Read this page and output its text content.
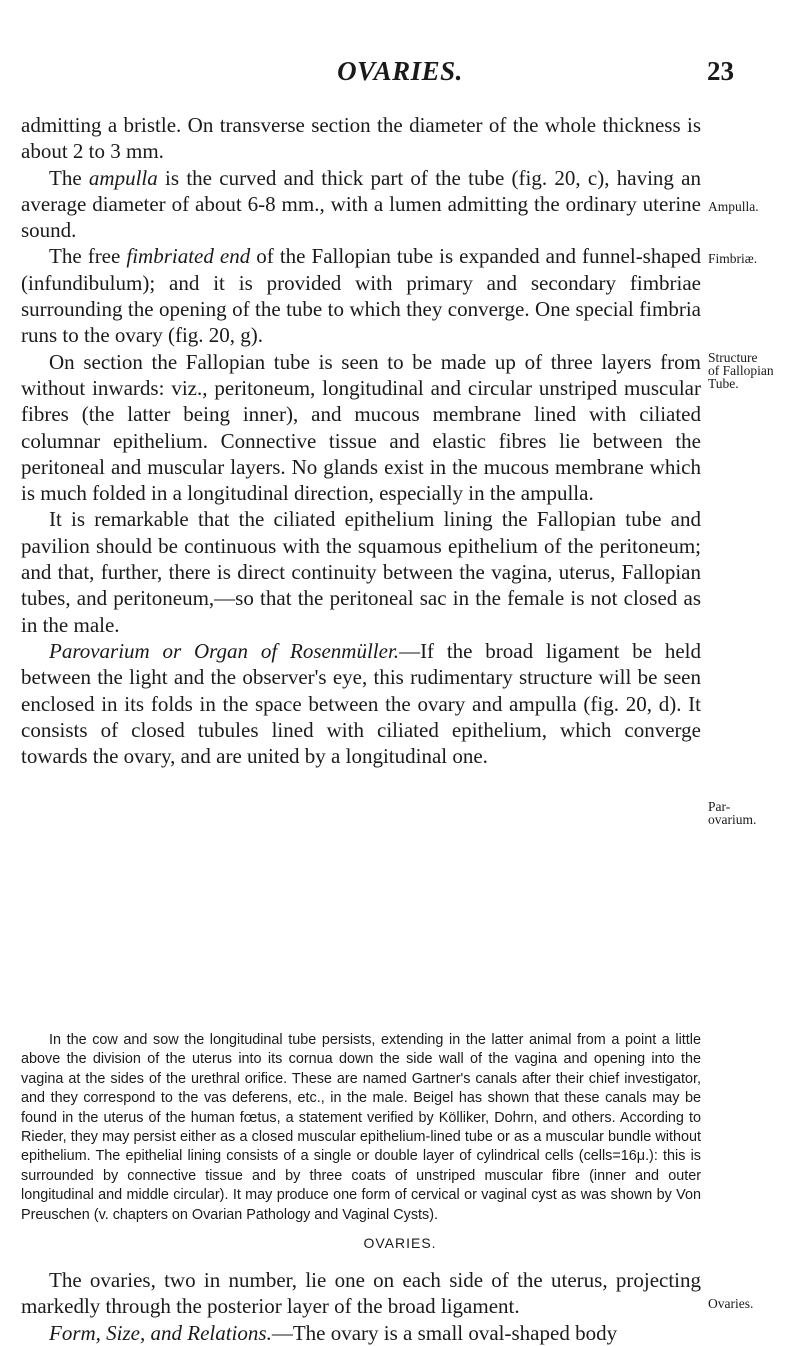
OVARIES.	23

admitting a bristle. On transverse section the diameter of the whole thickness is about 2 to 3 mm.

The ampulla is the curved and thick part of the tube (fig. 20, c), having an average diameter of about 6-8 mm., with a lumen admitting the ordinary uterine sound.

The free fimbriated end of the Fallopian tube is expanded and funnel-shaped (infundibulum); and it is provided with primary and secondary fimbriae surrounding the opening of the tube to which they converge. One special fimbria runs to the ovary (fig. 20, g).

On section the Fallopian tube is seen to be made up of three layers from without inwards: viz., peritoneum, longitudinal and circular unstriped muscular fibres (the latter being inner), and mucous membrane lined with ciliated columnar epithelium. Connective tissue and elastic fibres lie between the peritoneal and muscular layers. No glands exist in the mucous membrane which is much folded in a longitudinal direction, especially in the ampulla.

It is remarkable that the ciliated epithelium lining the Fallopian tube and pavilion should be continuous with the squamous epithelium of the peritoneum; and that, further, there is direct continuity between the vagina, uterus, Fallopian tubes, and peritoneum,—so that the peritoneal sac in the female is not closed as in the male.

Parovarium or Organ of Rosenmüller.—If the broad ligament be held between the light and the observer's eye, this rudimentary structure will be seen enclosed in its folds in the space between the ovary and ampulla (fig. 20, d). It consists of closed tubules lined with ciliated epithelium, which converge towards the ovary, and are united by a longitudinal one.

Ampulla.
Fimbriæ.
Structure
of Fallopian
Tube.
Par-
ovarium.

In the cow and sow the longitudinal tube persists, extending in the latter animal from a point a little above the division of the uterus into its cornua down the side wall of the vagina and opening into the vagina at the sides of the urethral orifice. These are named Gartner's canals after their chief investigator, and they correspond to the vas deferens, etc., in the male. Beigel has shown that these canals may be found in the uterus of the human fœtus, a statement verified by Kölliker, Dohrn, and others. According to Rieder, they may persist either as a closed muscular epithelium-lined tube or as a muscular bundle without epithelium. The epithelial lining consists of a single or double layer of cylindrical cells (cells=16μ.): this is surrounded by connective tissue and by three coats of unstriped muscular fibre (inner and outer longitudinal and middle circular). It may produce one form of cervical or vaginal cyst as was shown by Von Preuschen (v. chapters on Ovarian Pathology and Vaginal Cysts).

OVARIES.

The ovaries, two in number, lie one on each side of the uterus, projecting markedly through the posterior layer of the broad ligament.

Form, Size, and Relations.—The ovary is a small oval-shaped body

Ovaries.
